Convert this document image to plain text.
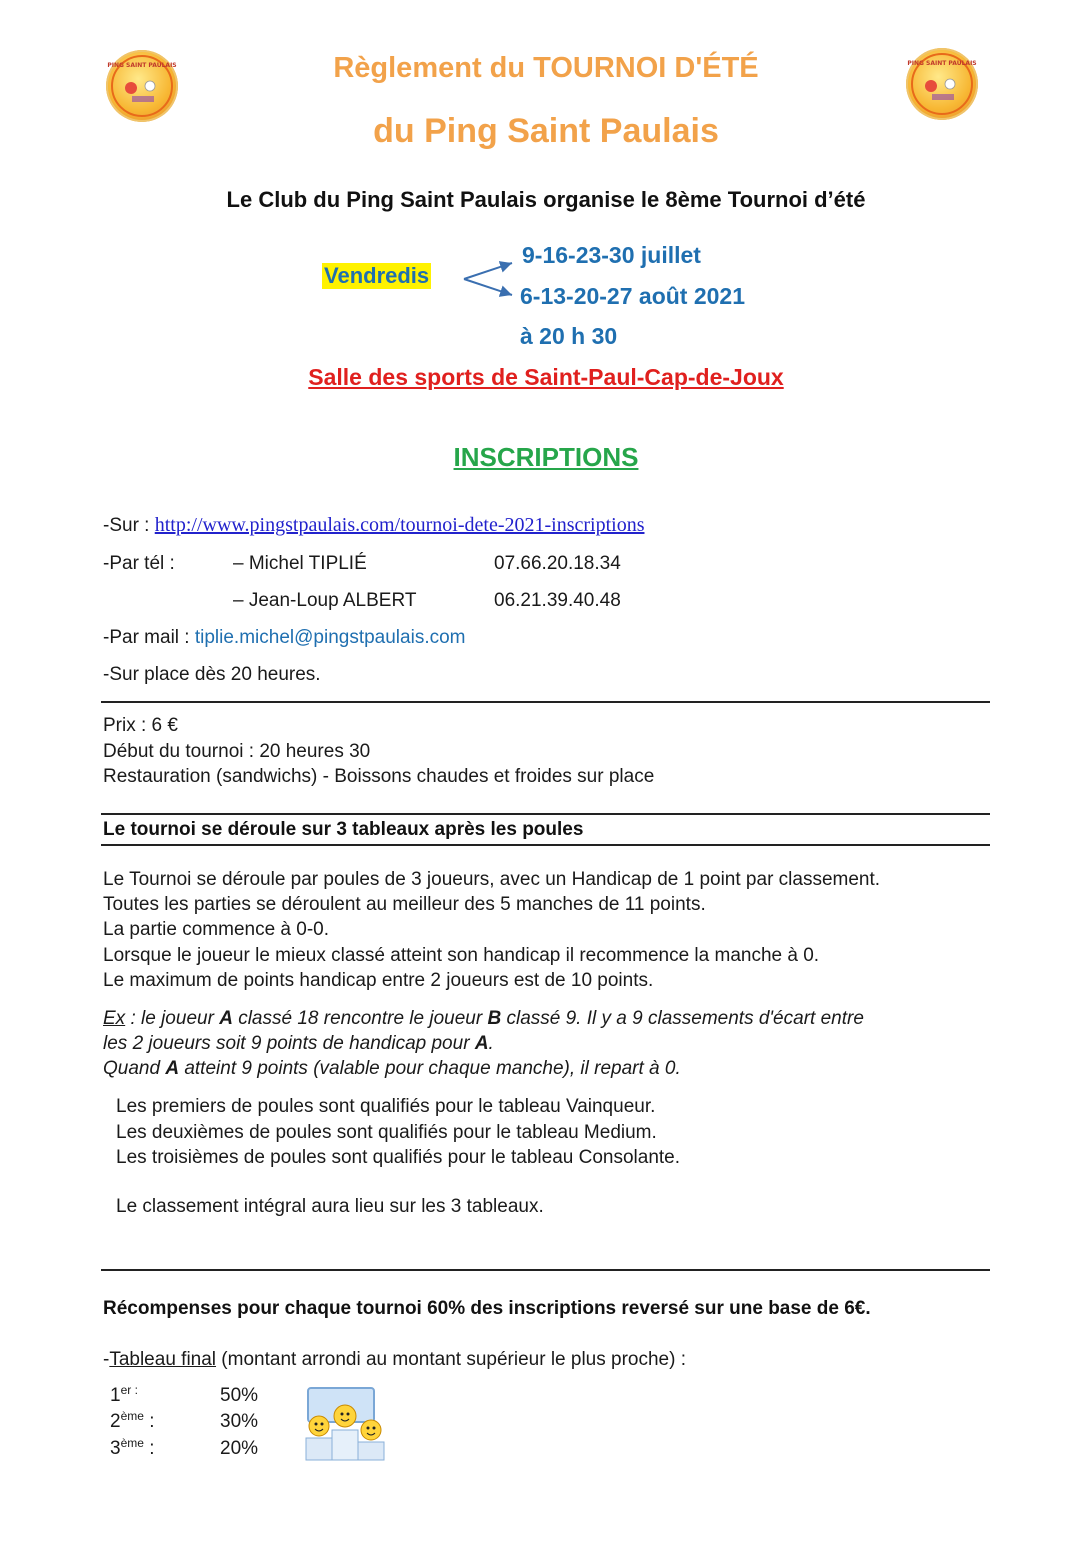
PING SAINT PAULAIS	PING SAINT PAULAIS
Règlement du TOURNOI D'ÉTÉ
du Ping Saint Paulais
Le Club du Ping Saint Paulais organise le 8ème Tournoi d’été
Vendredis
9-16-23-30 juillet
6-13-20-27 août 2021
à 20 h 30
Salle des sports de Saint-Paul-Cap-de-Joux
INSCRIPTIONS
-Sur : http://www.pingstpaulais.com/tournoi-dete-2021-inscriptions
-Par tél :	– Michel TIPLIÉ	07.66.20.18.34
– Jean-Loup ALBERT	06.21.39.40.48
-Par mail : tiplie.michel@pingstpaulais.com
-Sur place dès 20 heures.
Prix : 6 €
Début du tournoi : 20 heures 30
Restauration (sandwichs) - Boissons chaudes et froides sur place
Le tournoi se déroule sur 3 tableaux après les poules
Le Tournoi se déroule par poules de 3 joueurs, avec un Handicap de 1 point par classement.
Toutes les parties se déroulent au meilleur des 5 manches de 11 points.
La partie commence à 0-0.
Lorsque le joueur le mieux classé atteint son handicap il recommence la manche à 0.
Le maximum de points handicap entre 2 joueurs est de 10 points.
Ex : le joueur A classé 18 rencontre le joueur B classé 9. Il y a 9 classements d'écart entre
les 2 joueurs soit 9 points de handicap pour A.
Quand A atteint 9 points (valable pour chaque manche), il repart à 0.
Les premiers de poules sont qualifiés pour le tableau Vainqueur.
Les deuxièmes de poules sont qualifiés pour le tableau Medium.
Les troisièmes de poules sont qualifiés pour le tableau Consolante.
Le classement intégral aura lieu sur les 3 tableaux.
Récompenses pour chaque tournoi 60% des inscriptions reversé sur une base de 6€.
-Tableau final (montant arrondi au montant supérieur le plus proche) :
1er :	50%
2ème :	30%
3ème :	20%
